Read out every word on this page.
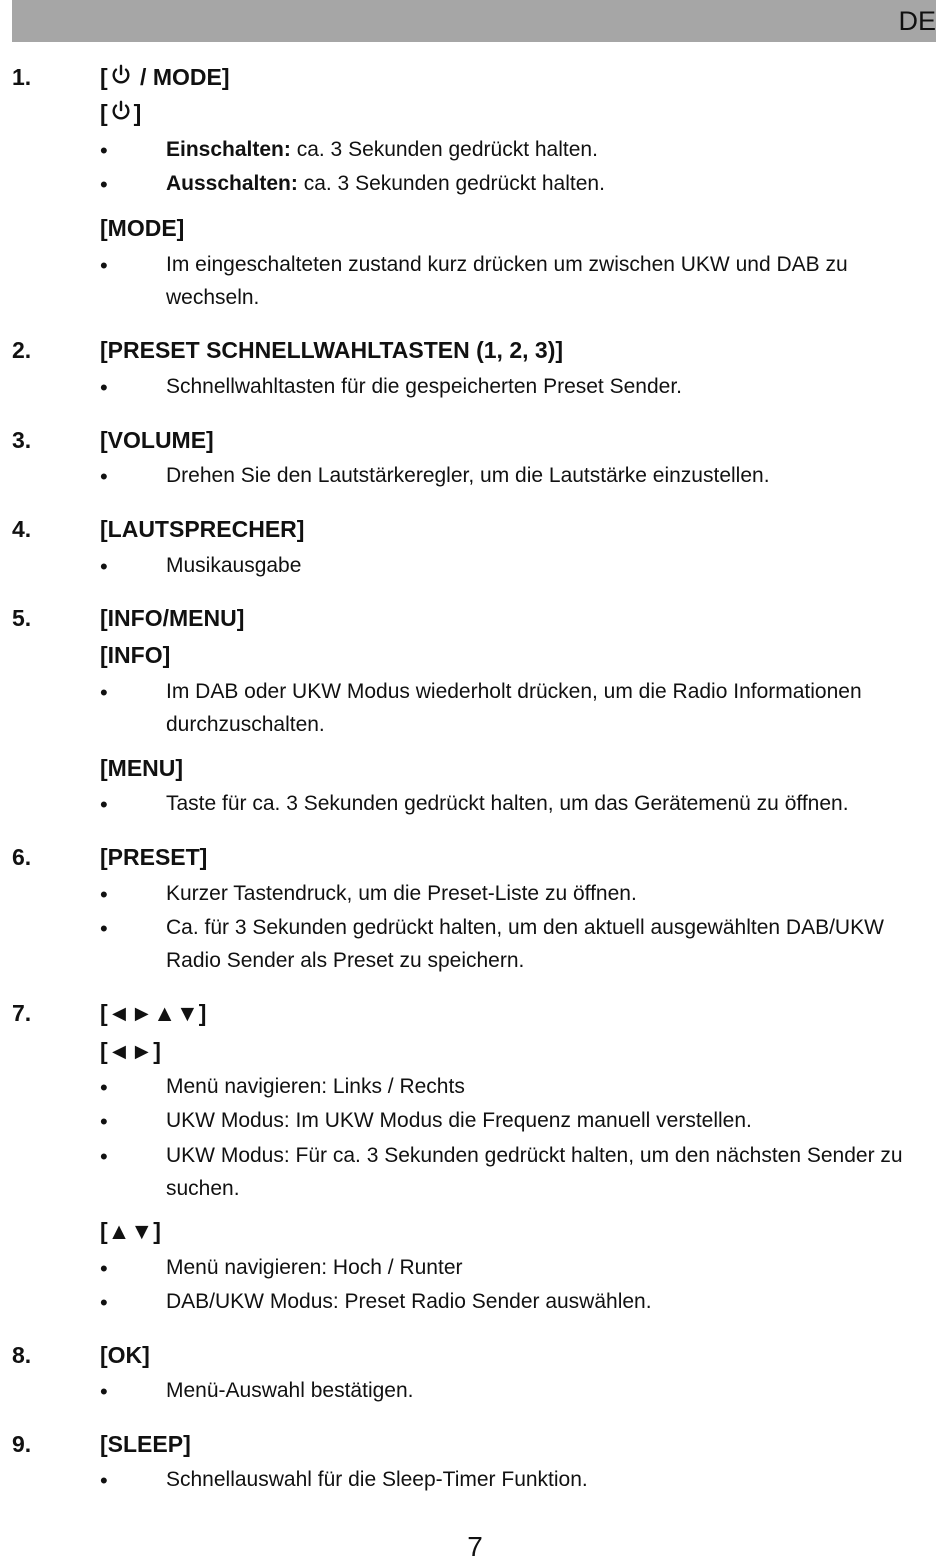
DE
1.	[
/ MODE]
[ ]
•	Einschalten: ca. 3 Sekunden gedrückt halten.
•	Ausschalten: ca. 3 Sekunden gedrückt halten.
[MODE]
•	Im eingeschalteten zustand kurz drücken um zwischen UKW und DAB zu wechseln.
2.	[PRESET SCHNELLWAHLTASTEN (1, 2, 3)]
•	Schnellwahltasten für die gespeicherten Preset Sender.
3.	[VOLUME]
•	Drehen Sie den Lautstärkeregler, um die Lautstärke einzustellen.
4.	[LAUTSPRECHER]
•	Musikausgabe
5.	[INFO/MENU]
[INFO]
•	Im DAB oder UKW Modus wiederholt drücken, um die Radio Informationen durchzuschalten.
[MENU]
•	Taste für ca. 3 Sekunden gedrückt halten, um das Gerätemenü zu öffnen.
6.	[PRESET]
•	Kurzer Tastendruck, um die Preset-Liste zu öffnen.
•	Ca. für 3 Sekunden gedrückt halten, um den aktuell ausgewählten DAB/UKW Radio Sender als Preset zu speichern.
7.	[◄►▲▼]
[◄►]
•	Menü navigieren: Links / Rechts
•	UKW Modus: Im UKW Modus die Frequenz manuell verstellen.
•	UKW Modus: Für ca. 3 Sekunden gedrückt halten, um den nächsten Sender zu suchen.
[▲▼]
•	Menü navigieren: Hoch / Runter
•	DAB/UKW Modus: Preset Radio Sender auswählen.
8.	[OK]
•	Menü-Auswahl bestätigen.
9.	[SLEEP]
•	Schnellauswahl für die Sleep-Timer Funktion.
7
